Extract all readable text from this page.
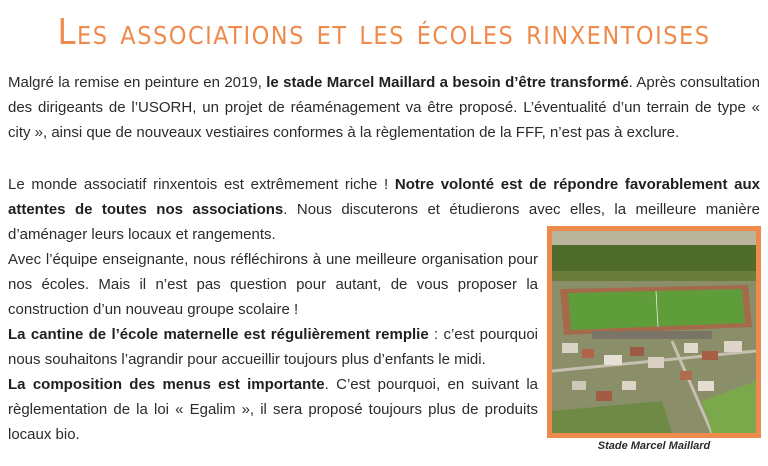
Les associations et les écoles rinxentoises

Malgré la remise en peinture en 2019, le stade Marcel Maillard a besoin d’être transformé. Après consultation des dirigeants de l’USORH, un projet de réaménagement va être proposé. L’éventualité d’un terrain de type « city », ainsi que de nouveaux vestiaires conformes à la règlementation de la FFF, n’est pas à exclure.

Le monde associatif rinxentois est extrêmement riche ! Notre volonté est de répondre favorablement aux attentes de toutes nos associations. Nous discuterons et étudierons avec elles, la meilleure manière d’aménager leurs locaux et rangements.

Avec l’équipe enseignante, nous réfléchirons à une meilleure organisation pour nos écoles. Mais il n’est pas question pour autant, de vous proposer la construction d’un nouveau groupe scolaire !

La cantine de l’école maternelle est régulièrement remplie : c’est pourquoi nous souhaitons l’agrandir pour accueillir toujours plus d’enfants le midi.

La composition des menus est importante. C’est pourquoi, en suivant la règlementation de la loi « Egalim », il sera proposé toujours plus de produits locaux bio.

Stade Marcel Maillard
